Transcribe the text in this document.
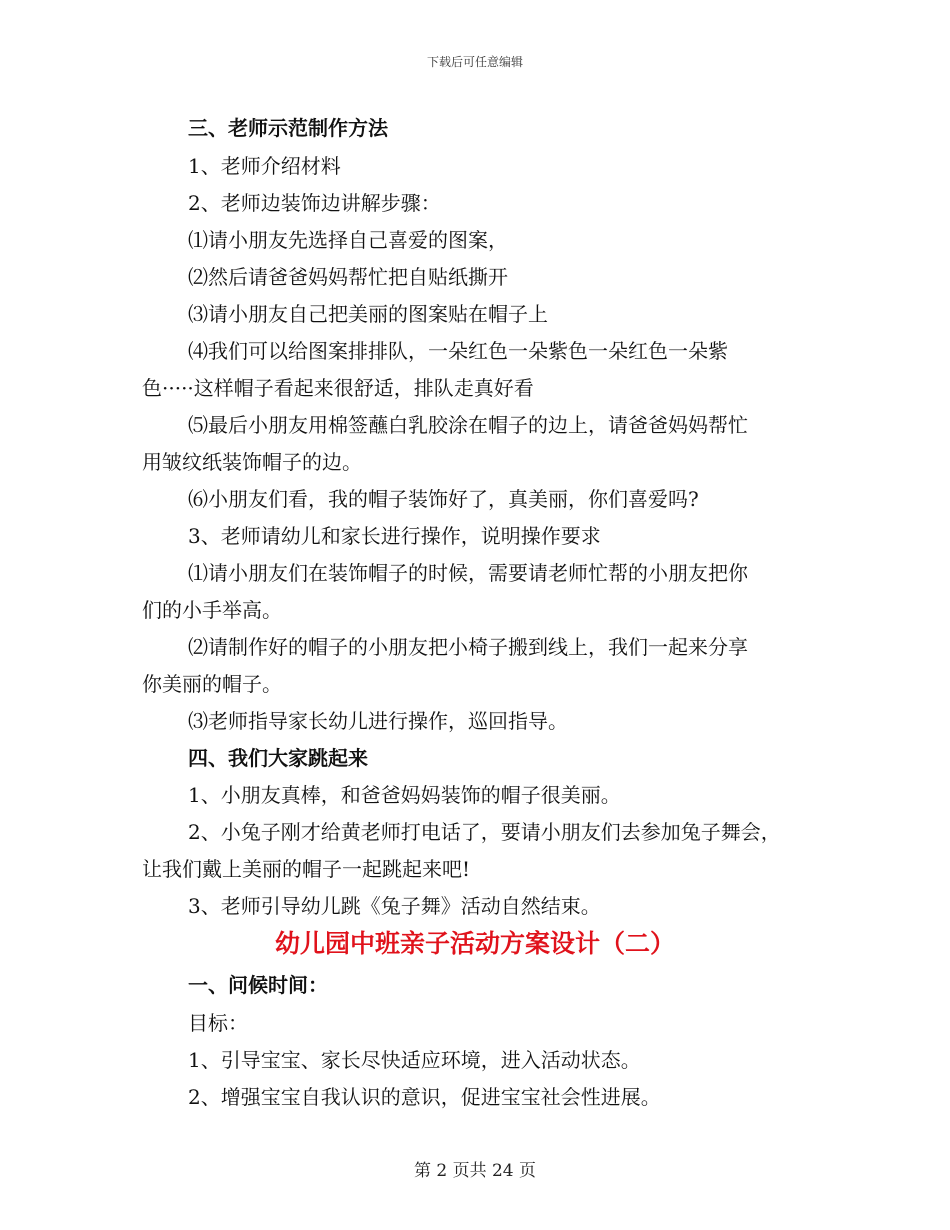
下载后可任意编辑
三、老师示范制作方法
1、老师介绍材料
2、老师边装饰边讲解步骤：
⑴请小朋友先选择自己喜爱的图案，
⑵然后请爸爸妈妈帮忙把自贴纸撕开
⑶请小朋友自己把美丽的图案贴在帽子上
⑷我们可以给图案排排队，一朵红色一朵紫色一朵红色一朵紫
色·····这样帽子看起来很舒适，排队走真好看
⑸最后小朋友用棉签蘸白乳胶涂在帽子的边上，请爸爸妈妈帮忙
用皱纹纸装饰帽子的边。
⑹小朋友们看，我的帽子装饰好了，真美丽，你们喜爱吗?
3、老师请幼儿和家长进行操作，说明操作要求
⑴请小朋友们在装饰帽子的时候，需要请老师忙帮的小朋友把你
们的小手举高。
⑵请制作好的帽子的小朋友把小椅子搬到线上，我们一起来分享
你美丽的帽子。
⑶老师指导家长幼儿进行操作，巡回指导。
四、我们大家跳起来
1、小朋友真棒，和爸爸妈妈装饰的帽子很美丽。
2、小兔子刚才给黄老师打电话了，要请小朋友们去参加兔子舞会，
让我们戴上美丽的帽子一起跳起来吧!
3、老师引导幼儿跳《兔子舞》活动自然结束。
幼儿园中班亲子活动方案设计（二）
一、问候时间：
目标：
1、引导宝宝、家长尽快适应环境，进入活动状态。
2、增强宝宝自我认识的意识，促进宝宝社会性进展。
第 2 页共 24 页
